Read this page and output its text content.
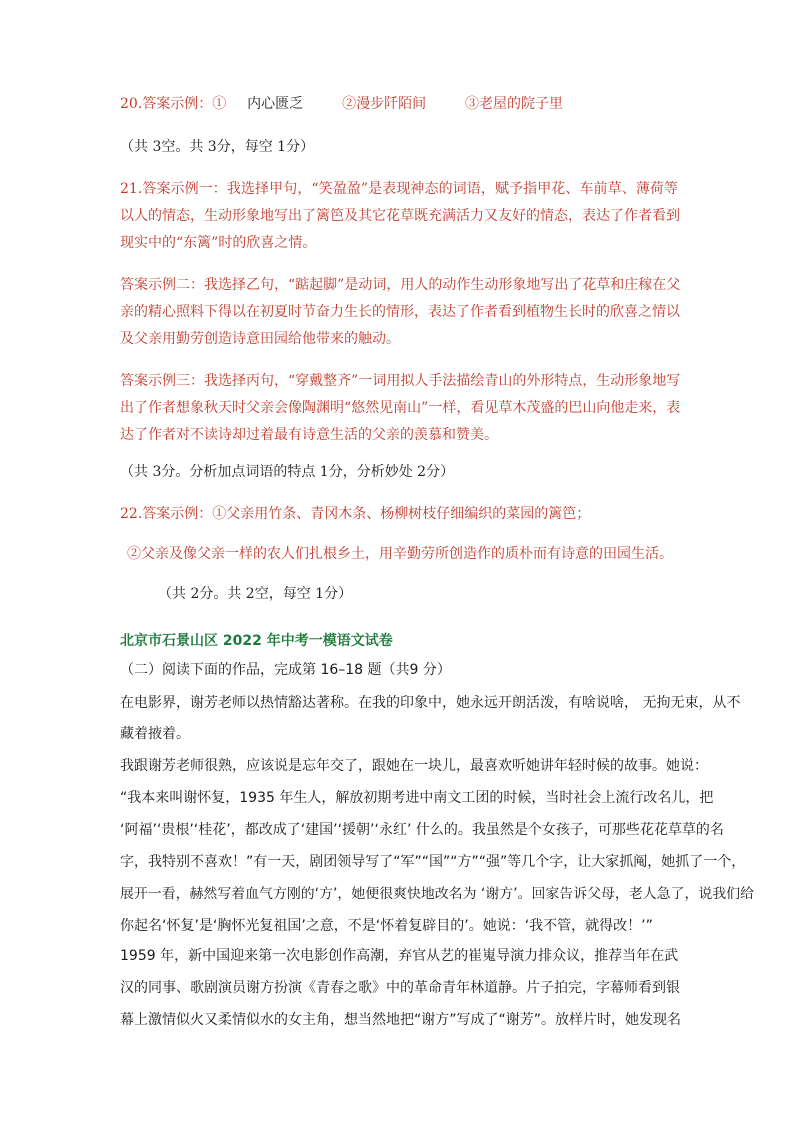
20.答案示例：① 内心匮乏	②漫步阡陌间	③老屋的院子里
（共 3空。共 3分，每空 1分）
21.答案示例一：我选择甲句，“笑盈盈”是表现神态的词语，赋予指甲花、车前草、薄荷等
以人的情态，生动形象地写出了篱笆及其它花草既充满活力又友好的情态，表达了作者看到
现实中的“东篱”时的欣喜之情。
答案示例二：我选择乙句，“踮起脚”是动词，用人的动作生动形象地写出了花草和庄稼在父
亲的精心照料下得以在初夏时节奋力生长的情形，表达了作者看到植物生长时的欣喜之情以
及父亲用勤劳创造诗意田园给他带来的触动。
答案示例三：我选择丙句，“穿戴整齐”一词用拟人手法描绘青山的外形特点，生动形象地写
出了作者想象秋天时父亲会像陶渊明“悠然见南山”一样，看见草木茂盛的巴山向他走来，表
达了作者对不读诗却过着最有诗意生活的父亲的羡慕和赞美。
（共 3分。分析加点词语的特点 1分，分析妙处 2分）
22.答案示例：①父亲用竹条、青冈木条、杨柳树枝仔细编织的菜园的篱笆；
②父亲及像父亲一样的农人们扎根乡土，用辛勤劳所创造作的质朴而有诗意的田园生活。
（共 2分。共 2空，每空 1分）
北京市石景山区 2022 年中考一模语文试卷
（二）阅读下面的作品，完成第 16–18 题（共9 分）
在电影界，谢芳老师以热情豁达著称。在我的印象中，她永远开朗活泼，有啥说啥， 无拘无束，从不
藏着掖着。
我跟谢芳老师很熟，应该说是忘年交了，跟她在一块儿，最喜欢听她讲年轻时候的故事。她说：
“我本来叫谢怀复，1935 年生人，解放初期考进中南文工团的时候，当时社会上流行改名儿，把
‘阿福’‘贵根’‘桂花’，都改成了‘建国’‘援朝’‘永红’ 什么的。我虽然是个女孩子，可那些花花草草的名
字，我特别不喜欢！”有一天，剧团领导写了“军”“国”“方”“强”等几个字，让大家抓阄，她抓了一个，
展开一看，赫然写着血气方刚的‘方’，她便很爽快地改名为 ‘谢方’。回家告诉父母，老人急了，说我们给
你起名‘怀复’是‘胸怀光复祖国’之意，不是‘怀着复辟目的’。她说：‘我不管，就得改！’”
1959 年，新中国迎来第一次电影创作高潮，弃官从艺的崔嵬导演力排众议，推荐当年在武
汉的同事、歌剧演员谢方扮演《青春之歌》中的革命青年林道静。片子拍完，字幕师看到银
幕上激情似火又柔情似水的女主角，想当然地把“谢方”写成了“谢芳”。放样片时，她发现名
